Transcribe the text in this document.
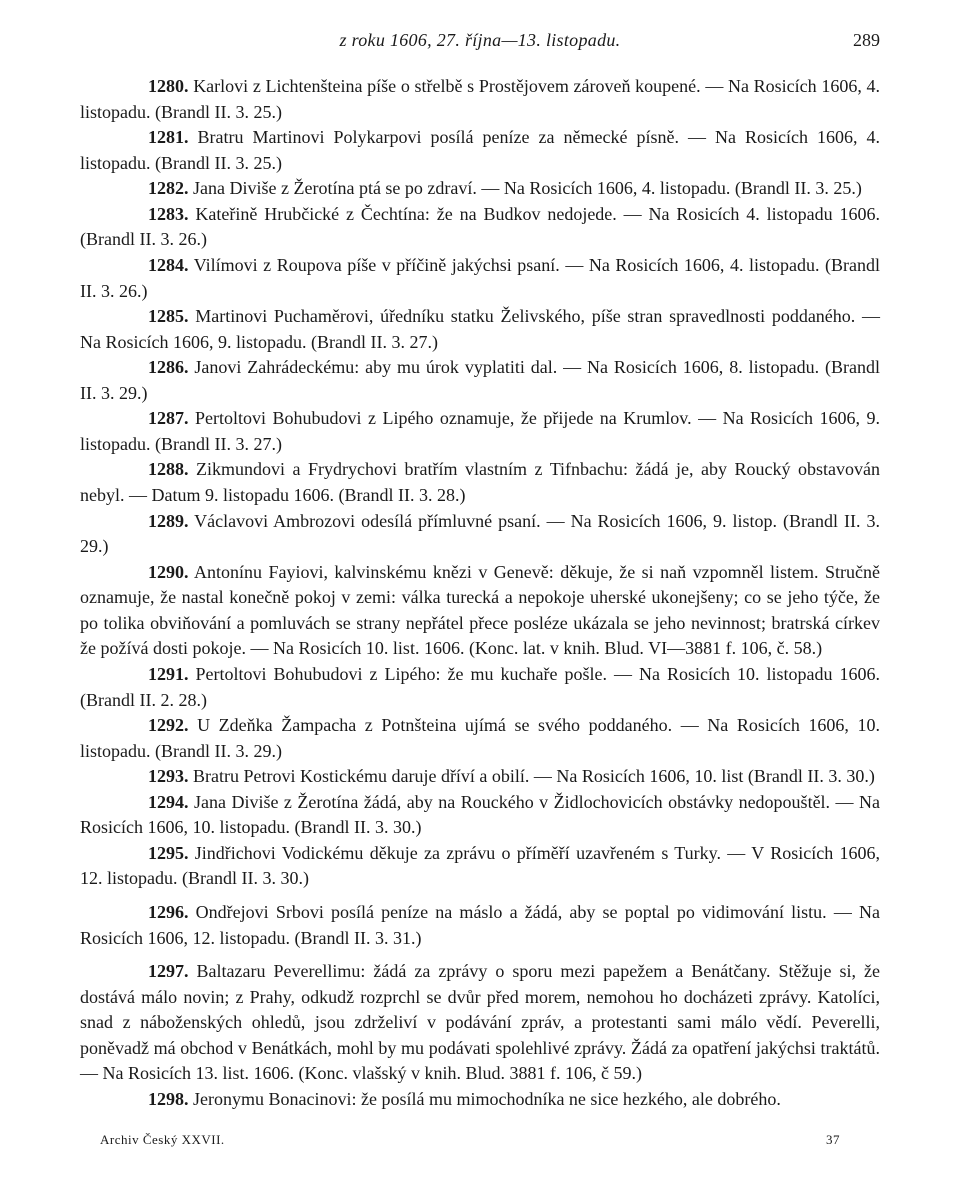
z roku 1606, 27. října—13. listopadu.	289

1280. Karlovi z Lichtenšteina píše o střelbě s Prostějovem zároveň koupené. — Na Rosicích 1606, 4. listopadu. (Brandl II. 3. 25.)

1281. Bratru Martinovi Polykarpovi posílá peníze za německé písně. — Na Rosicích 1606, 4. listopadu. (Brandl II. 3. 25.)

1282. Jana Diviše z Žerotína ptá se po zdraví. — Na Rosicích 1606, 4. listopadu. (Brandl II. 3. 25.)

1283. Kateřině Hrubčické z Čechtína: že na Budkov nedojede. — Na Rosicích 4. listopadu 1606. (Brandl II. 3. 26.)

1284. Vilímovi z Roupova píše v příčině jakýchsi psaní. — Na Rosicích 1606, 4. listopadu. (Brandl II. 3. 26.)

1285. Martinovi Puchaměrovi, úředníku statku Želivského, píše stran spravedlnosti poddaného. — Na Rosicích 1606, 9. listopadu. (Brandl II. 3. 27.)

1286. Janovi Zahrádeckému: aby mu úrok vyplatiti dal. — Na Rosicích 1606, 8. listopadu. (Brandl II. 3. 29.)

1287. Pertoltovi Bohubudovi z Lipého oznamuje, že přijede na Krumlov. — Na Rosicích 1606, 9. listopadu. (Brandl II. 3. 27.)

1288. Zikmundovi a Frydrychovi bratřím vlastním z Tifnbachu: žádá je, aby Roucký obstavován nebyl. — Datum 9. listopadu 1606. (Brandl II. 3. 28.)

1289. Václavovi Ambrozovi odesílá přímluvné psaní. — Na Rosicích 1606, 9. listop. (Brandl II. 3. 29.)

1290. Antonínu Fayiovi, kalvinskému knězi v Genevě: děkuje, že si naň vzpomněl listem. Stručně oznamuje, že nastal konečně pokoj v zemi: válka turecká a nepokoje uherské ukonejšeny; co se jeho týče, že po tolika obviňování a pomluvách se strany nepřátel přece posléze ukázala se jeho nevinnost; bratrská církev že požívá dosti pokoje. — Na Rosicích 10. list. 1606. (Konc. lat. v knih. Blud. VI—3881 f. 106, č. 58.)

1291. Pertoltovi Bohubudovi z Lipého: že mu kuchaře pošle. — Na Rosicích 10. listopadu 1606. (Brandl II. 2. 28.)

1292. U Zdeňka Žampacha z Potnšteina ujímá se svého poddaného. — Na Rosicích 1606, 10. listopadu. (Brandl II. 3. 29.)

1293. Bratru Petrovi Kostickému daruje dříví a obilí. — Na Rosicích 1606, 10. list (Brandl II. 3. 30.)

1294. Jana Diviše z Žerotína žádá, aby na Rouckého v Židlochovicích obstávky nedopouštěl. — Na Rosicích 1606, 10. listopadu. (Brandl II. 3. 30.)

1295. Jindřichovi Vodickému děkuje za zprávu o příměří uzavřeném s Turky. — V Rosicích 1606, 12. listopadu. (Brandl II. 3. 30.)

1296. Ondřejovi Srbovi posílá peníze na máslo a žádá, aby se poptal po vidimování listu. — Na Rosicích 1606, 12. listopadu. (Brandl II. 3. 31.)

1297. Baltazaru Peverellimu: žádá za zprávy o sporu mezi papežem a Benátčany. Stěžuje si, že dostává málo novin; z Prahy, odkudž rozprchl se dvůr před morem, nemohou ho docházeti zprávy. Katolíci, snad z náboženských ohledů, jsou zdrželiví v podávání zpráv, a protestanti sami málo vědí. Peverelli, poněvadž má obchod v Benátkách, mohl by mu podávati spolehlivé zprávy. Žádá za opatření jakýchsi traktátů. — Na Rosicích 13. list. 1606. (Konc. vlašský v knih. Blud. 3881 f. 106, č 59.)

1298. Jeronymu Bonacinovi: že posílá mu mimochodníka ne sice hezkého, ale dobrého.

Archiv Český XXVII.	37
